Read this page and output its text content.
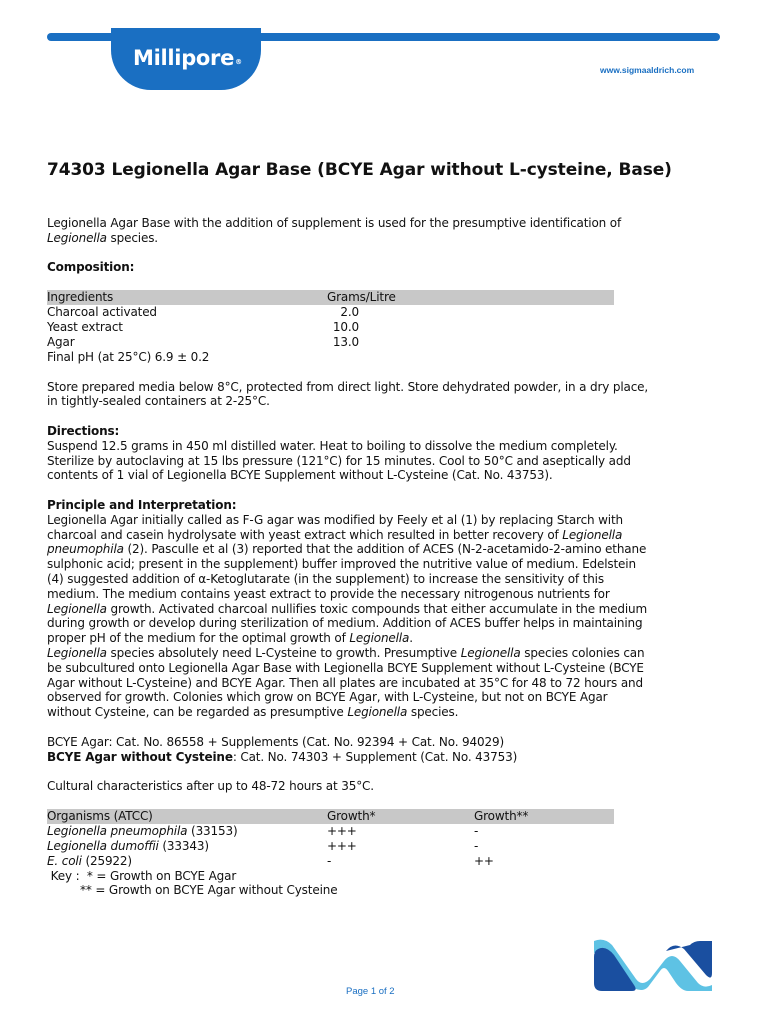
Millipore®
www.sigmaaldrich.com
74303 Legionella Agar Base (BCYE Agar without L-cysteine, Base)

Legionella Agar Base with the addition of supplement is used for the presumptive identification of

Legionella species.

Composition:

Ingredients	Grams/Litre
Charcoal activated	2.0
Yeast extract	10.0
Agar	13.0

Final pH (at 25°C) 6.9 ± 0.2

Store prepared media below 8°C, protected from direct light. Store dehydrated powder, in a dry place,

in tightly-sealed containers at 2-25°C.

Directions:

Suspend 12.5 grams in 450 ml distilled water. Heat to boiling to dissolve the medium completely.

Sterilize by autoclaving at 15 lbs pressure (121°C) for 15 minutes. Cool to 50°C and aseptically add

contents of 1 vial of Legionella BCYE Supplement without L-Cysteine (Cat. No. 43753).

Principle and Interpretation:

Legionella Agar initially called as F-G agar was modified by Feely et al (1) by replacing Starch with

charcoal and casein hydrolysate with yeast extract which resulted in better recovery of Legionella

pneumophila (2). Pasculle et al (3) reported that the addition of ACES (N-2-acetamido-2-amino ethane

sulphonic acid; present in the supplement) buffer improved the nutritive value of medium. Edelstein

(4) suggested addition of α-Ketoglutarate (in the supplement) to increase the sensitivity of this

medium. The medium contains yeast extract to provide the necessary nitrogenous nutrients for

Legionella growth. Activated charcoal nullifies toxic compounds that either accumulate in the medium

during growth or develop during sterilization of medium. Addition of ACES buffer helps in maintaining

proper pH of the medium for the optimal growth of Legionella.

Legionella species absolutely need L-Cysteine to growth. Presumptive Legionella species colonies can

be subcultured onto Legionella Agar Base with Legionella BCYE Supplement without L-Cysteine (BCYE

Agar without L-Cysteine) and BCYE Agar. Then all plates are incubated at 35°C for 48 to 72 hours and

observed for growth. Colonies which grow on BCYE Agar, with L-Cysteine, but not on BCYE Agar

without Cysteine, can be regarded as presumptive Legionella species.

BCYE Agar: Cat. No. 86558 + Supplements (Cat. No. 92394 + Cat. No. 94029)

BCYE Agar without Cysteine: Cat. No. 74303 + Supplement (Cat. No. 43753)

Cultural characteristics after up to 48-72 hours at 35°C.

Organisms (ATCC)	Growth*	Growth**
Legionella pneumophila (33153)	+++	-
Legionella dumoffii (33343)	+++	-
E. coli (25922)	-	++

Key :  * = Growth on BCYE Agar

** = Growth on BCYE Agar without Cysteine

Page 1 of 2
